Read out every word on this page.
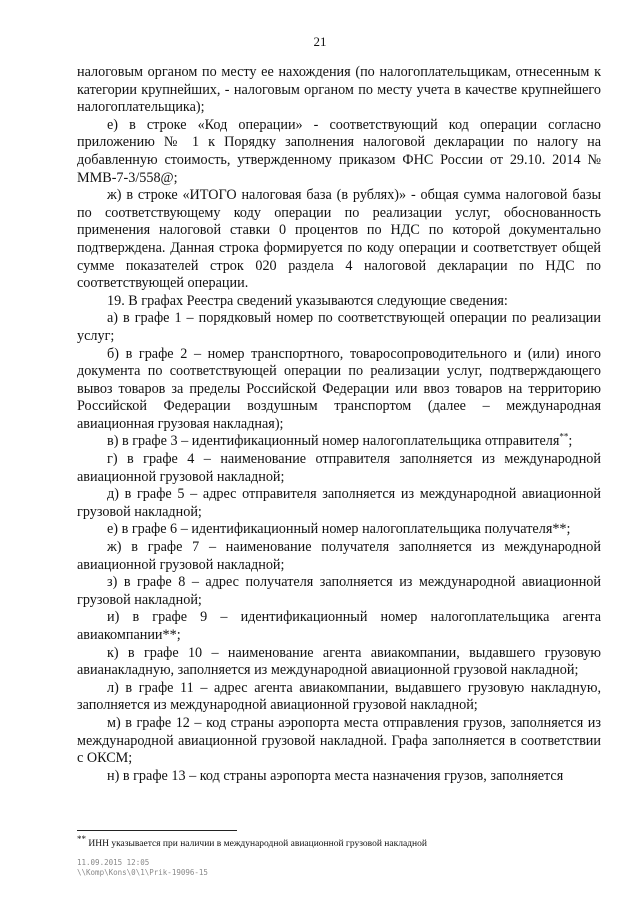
21

налоговым органом по месту ее нахождения (по налогоплательщикам, отнесенным к категории крупнейших, - налоговым органом по месту учета в качестве крупнейшего налогоплательщика);

е) в строке «Код операции» - соответствующий код операции согласно приложению № 1 к Порядку заполнения налоговой декларации по налогу на добавленную стоимость, утвержденному приказом ФНС России от 29.10. 2014 № ММВ-7-3/558@;

ж) в строке «ИТОГО налоговая база (в рублях)» - общая сумма налоговой базы по соответствующему коду операции по реализации услуг, обоснованность применения налоговой ставки 0 процентов по НДС по которой документально подтверждена. Данная строка формируется по коду операции и соответствует общей сумме показателей строк 020 раздела 4 налоговой декларации по НДС по соответствующей операции.

19. В графах Реестра сведений указываются следующие сведения:

а) в графе 1 – порядковый номер по соответствующей операции по реализации услуг;

б) в графе 2 – номер транспортного, товаросопроводительного и (или) иного документа по соответствующей операции по реализации услуг, подтверждающего вывоз товаров за пределы Российской Федерации или ввоз товаров на территорию Российской Федерации воздушным транспортом (далее – международная авиационная грузовая накладная);

в) в графе 3 – идентификационный номер налогоплательщика отправителя**;

г) в графе 4 – наименование отправителя заполняется из международной авиационной грузовой накладной;

д) в графе 5 – адрес отправителя заполняется из международной авиационной грузовой накладной;

е) в графе 6 – идентификационный номер налогоплательщика получателя**;

ж) в графе 7 – наименование получателя заполняется из международной авиационной грузовой накладной;

з) в графе 8 – адрес получателя заполняется из международной авиационной грузовой накладной;

и) в графе 9 – идентификационный номер налогоплательщика агента авиакомпании**;

к) в графе 10 – наименование агента авиакомпании, выдавшего грузовую авианакладную, заполняется из международной авиационной грузовой накладной;

л) в графе 11 – адрес агента авиакомпании, выдавшего грузовую накладную, заполняется из международной авиационной грузовой накладной;

м) в графе 12 – код страны аэропорта места отправления грузов, заполняется из международной авиационной грузовой накладной. Графа заполняется в соответствии с ОКСМ;

н) в графе 13 – код страны аэропорта места назначения грузов, заполняется

** ИНН указывается при наличии в международной авиационной грузовой накладной
11.09.2015 12:05
\\Komp\Kons\0\1\Prik-19096-15
